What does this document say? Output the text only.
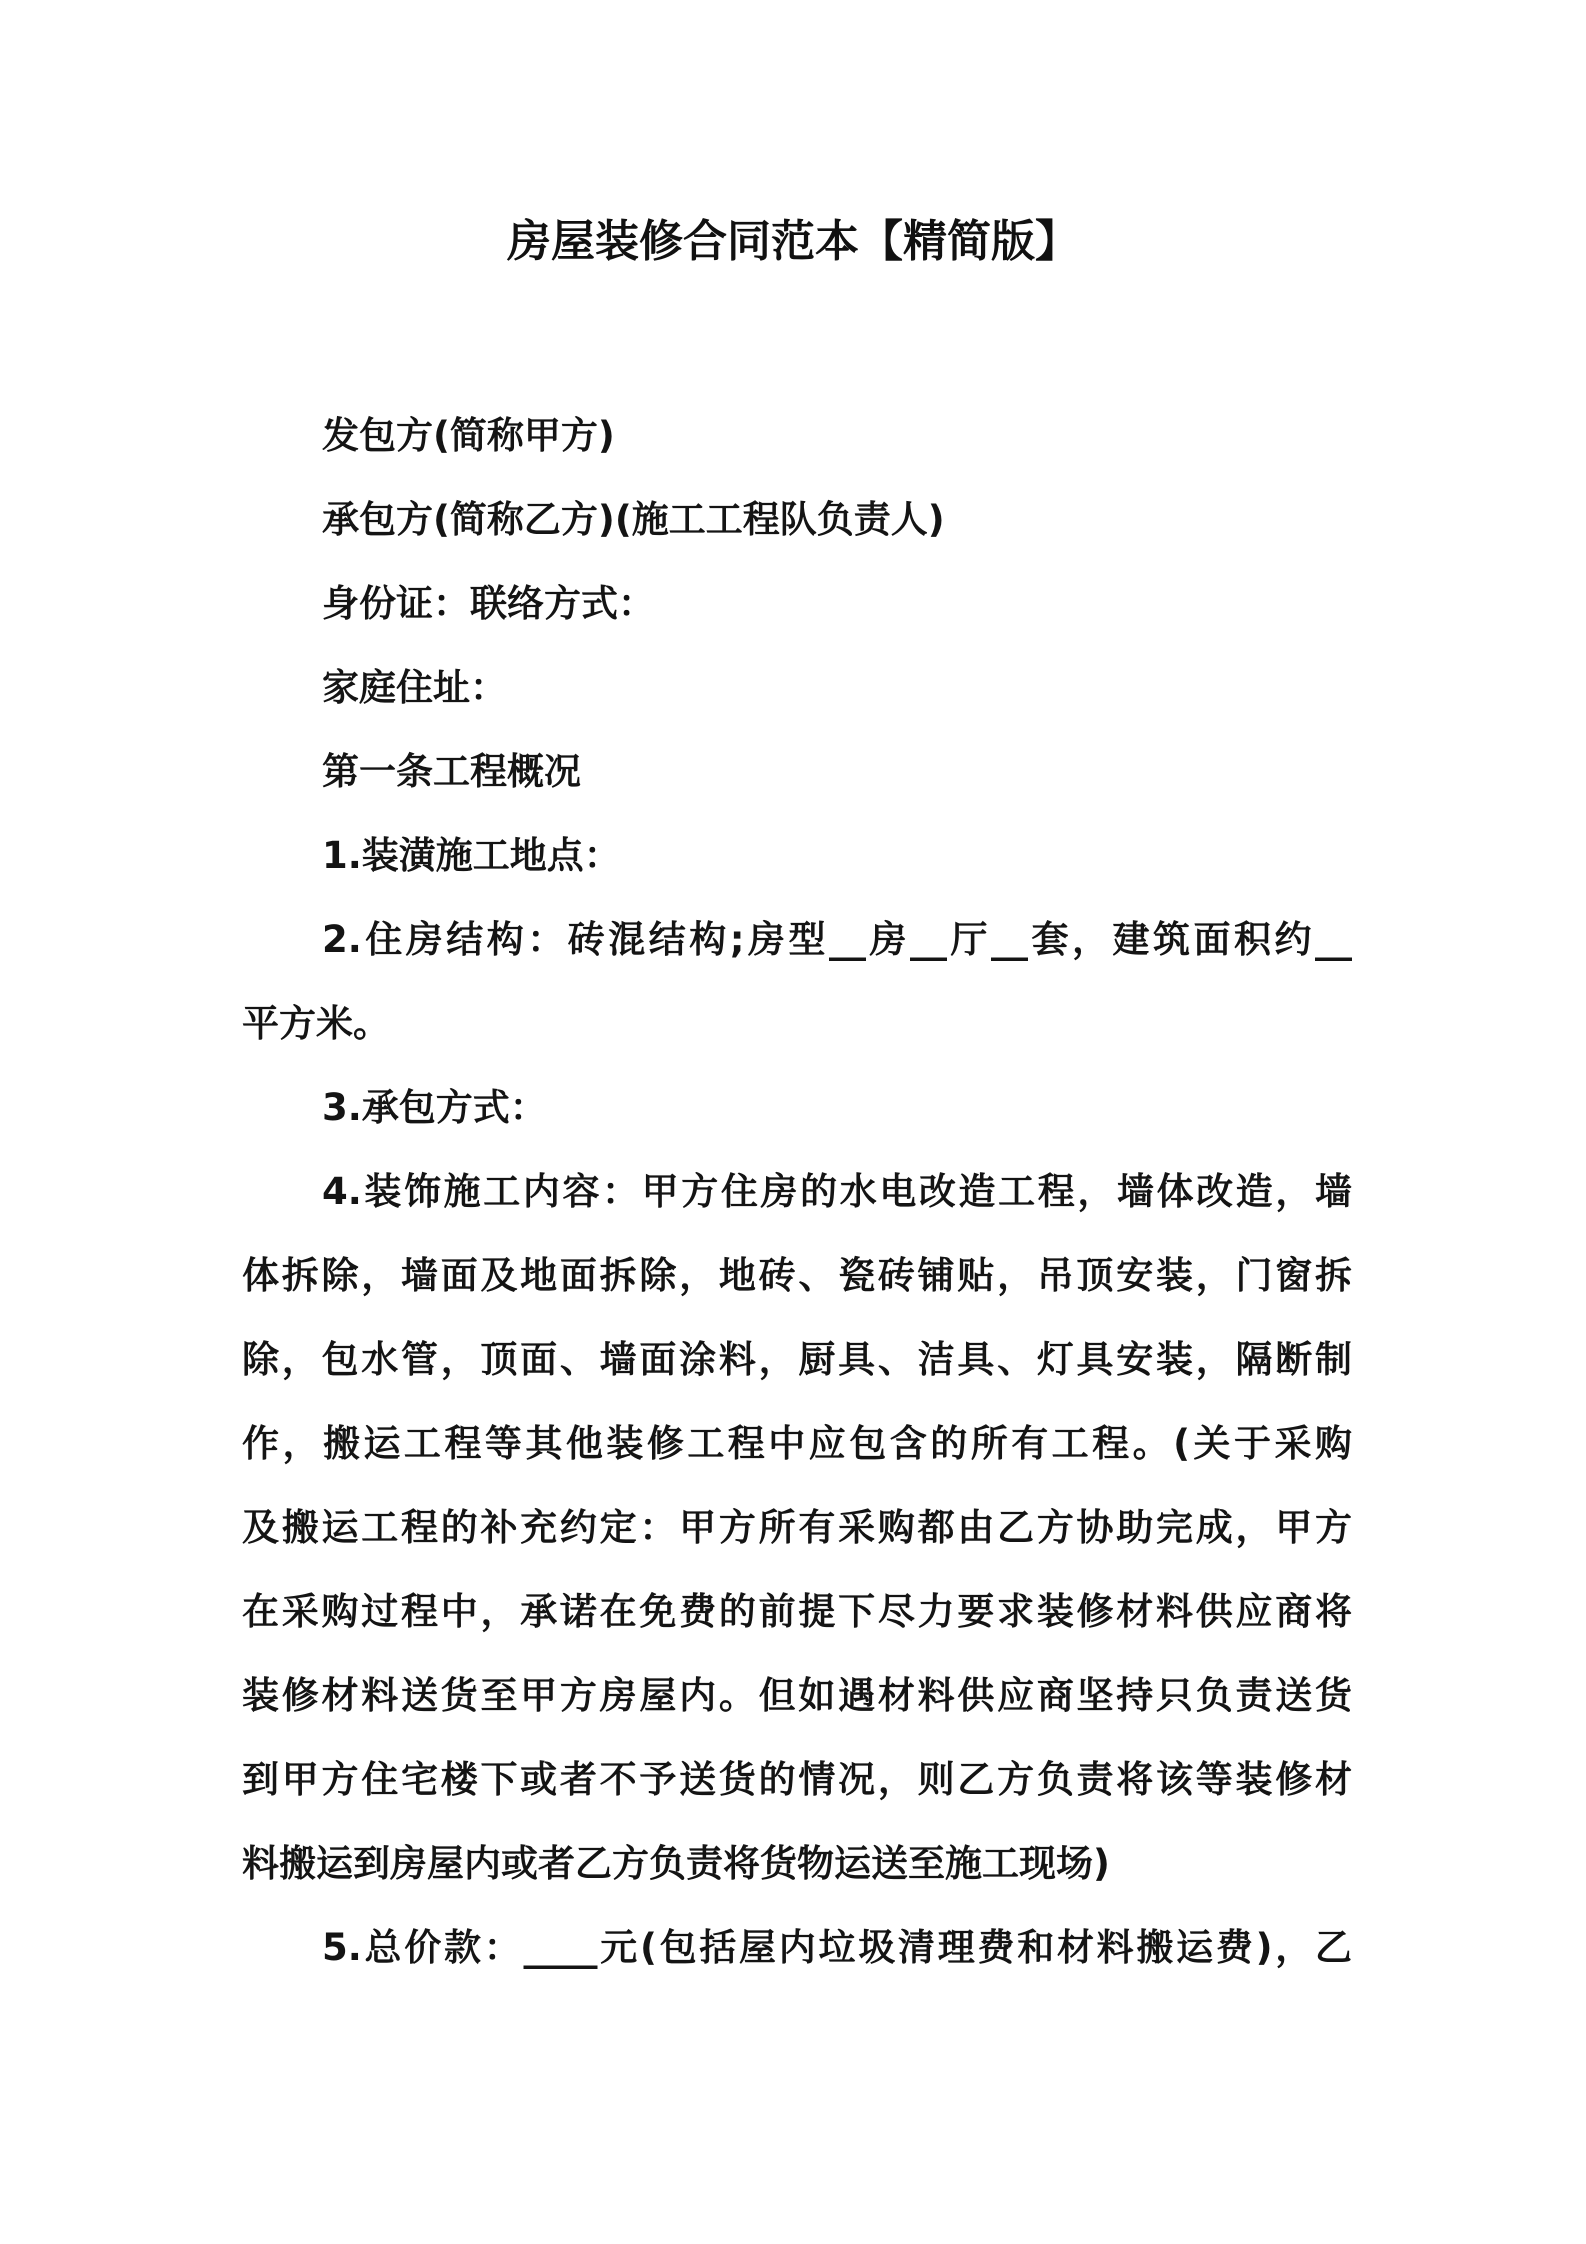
房屋装修合同范本【精简版】

发包方(简称甲方)

承包方(简称乙方)(施工工程队负责人)

身份证：联络方式：

家庭住址：

第一条工程概况

1.装潢施工地点：

2.住房结构：砖混结构;房型__房__厅__套，建筑面积约__

平方米。

3.承包方式：

4.装饰施工内容：甲方住房的水电改造工程，墙体改造，墙

体拆除，墙面及地面拆除，地砖、瓷砖铺贴，吊顶安装，门窗拆

除，包水管，顶面、墙面涂料，厨具、洁具、灯具安装，隔断制

作，搬运工程等其他装修工程中应包含的所有工程。(关于采购

及搬运工程的补充约定：甲方所有采购都由乙方协助完成，甲方

在采购过程中，承诺在免费的前提下尽力要求装修材料供应商将

装修材料送货至甲方房屋内。但如遇材料供应商坚持只负责送货

到甲方住宅楼下或者不予送货的情况，则乙方负责将该等装修材

料搬运到房屋内或者乙方负责将货物运送至施工现场)

5.总价款：____元(包括屋内垃圾清理费和材料搬运费)，乙
